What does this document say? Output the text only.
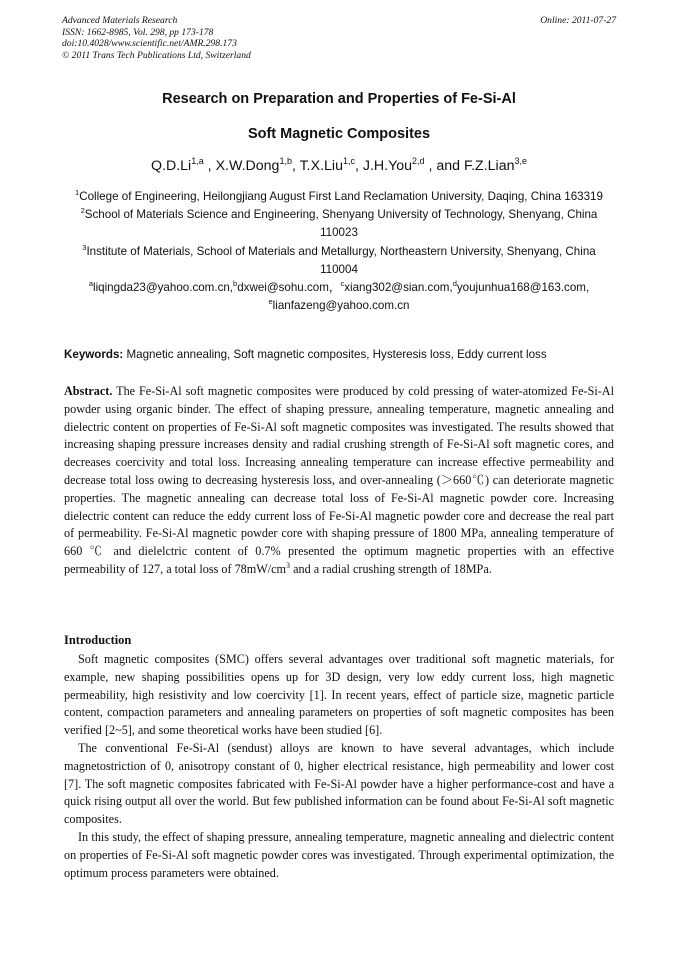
Advanced Materials Research
ISSN: 1662-8985, Vol. 298, pp 173-178
doi:10.4028/www.scientific.net/AMR.298.173
© 2011 Trans Tech Publications Ltd, Switzerland
Online: 2011-07-27
Research on Preparation and Properties of Fe-Si-Al
Soft Magnetic Composites
Q.D.Li$^{1,a}$ , X.W.Dong$^{1,b}$, T.X.Liu$^{1,c}$, J.H.You$^{2,d}$ , and F.Z.Lian$^{3,e}$
$^1$College of Engineering, Heilongjiang August First Land Reclamation University, Daqing, China 163319
$^2$School of Materials Science and Engineering, Shenyang University of Technology, Shenyang, China 110023
$^3$Institute of Materials, School of Materials and Metallurgy, Northeastern University, Shenyang, China 110004
$^a$liqingda23@yahoo.com.cn,$^b$dxwei@sohu.com，$^c$xiang302@sian.com,$^d$youjunhua168@163.com,
$^e$lianfazeng@yahoo.com.cn
Keywords: Magnetic annealing, Soft magnetic composites, Hysteresis loss, Eddy current loss
Abstract. The Fe-Si-Al soft magnetic composites were produced by cold pressing of water-atomized Fe-Si-Al powder using organic binder. The effect of shaping pressure, annealing temperature, magnetic annealing and dielectric content on properties of Fe-Si-Al soft magnetic composites was investigated. The results showed that increasing shaping pressure increases density and radial crushing strength of Fe-Si-Al soft magnetic cores, and decreases coercivity and total loss. Increasing annealing temperature can increase effective permeability and decrease total loss owing to decreasing hysteresis loss, and over-annealing (＞660℃) can deteriorate magnetic properties. The magnetic annealing can decrease total loss of Fe-Si-Al magnetic powder core. Increasing dielectric content can reduce the eddy current loss of Fe-Si-Al magnetic powder core and decrease the real part of permeability. Fe-Si-Al magnetic powder core with shaping pressure of 1800 MPa, annealing temperature of 660 ℃ and dielelctric content of 0.7% presented the optimum magnetic properties with an effective permeability of 127, a total loss of $78mW/cm^3$ and a radial crushing strength of 18MPa.
Introduction

Soft magnetic composites (SMC) offers several advantages over traditional soft magnetic materials, for example, new shaping possibilities opens up for 3D design, very low eddy current loss, high magnetic permeability, high resistivity and low coercivity [1]. In recent years, effect of particle size, magnetic particle content, compaction parameters and annealing parameters on properties of soft magnetic composites has been verified [2~5], and some theoretical works have been studied [6].

The conventional Fe-Si-Al (sendust) alloys are known to have several advantages, which include magnetostriction of 0, anisotropy constant of 0, higher electrical resistance, high permeability and lower cost [7]. The soft magnetic composites fabricated with Fe-Si-Al powder have a higher performance-cost and have a quick rising output all over the world. But few published information can be found about Fe-Si-Al soft magnetic composites.

In this study, the effect of shaping pressure, annealing temperature, magnetic annealing and dielectric content on properties of Fe-Si-Al soft magnetic powder cores was investigated. Through experimental optimization, the optimum process parameters were obtained.
